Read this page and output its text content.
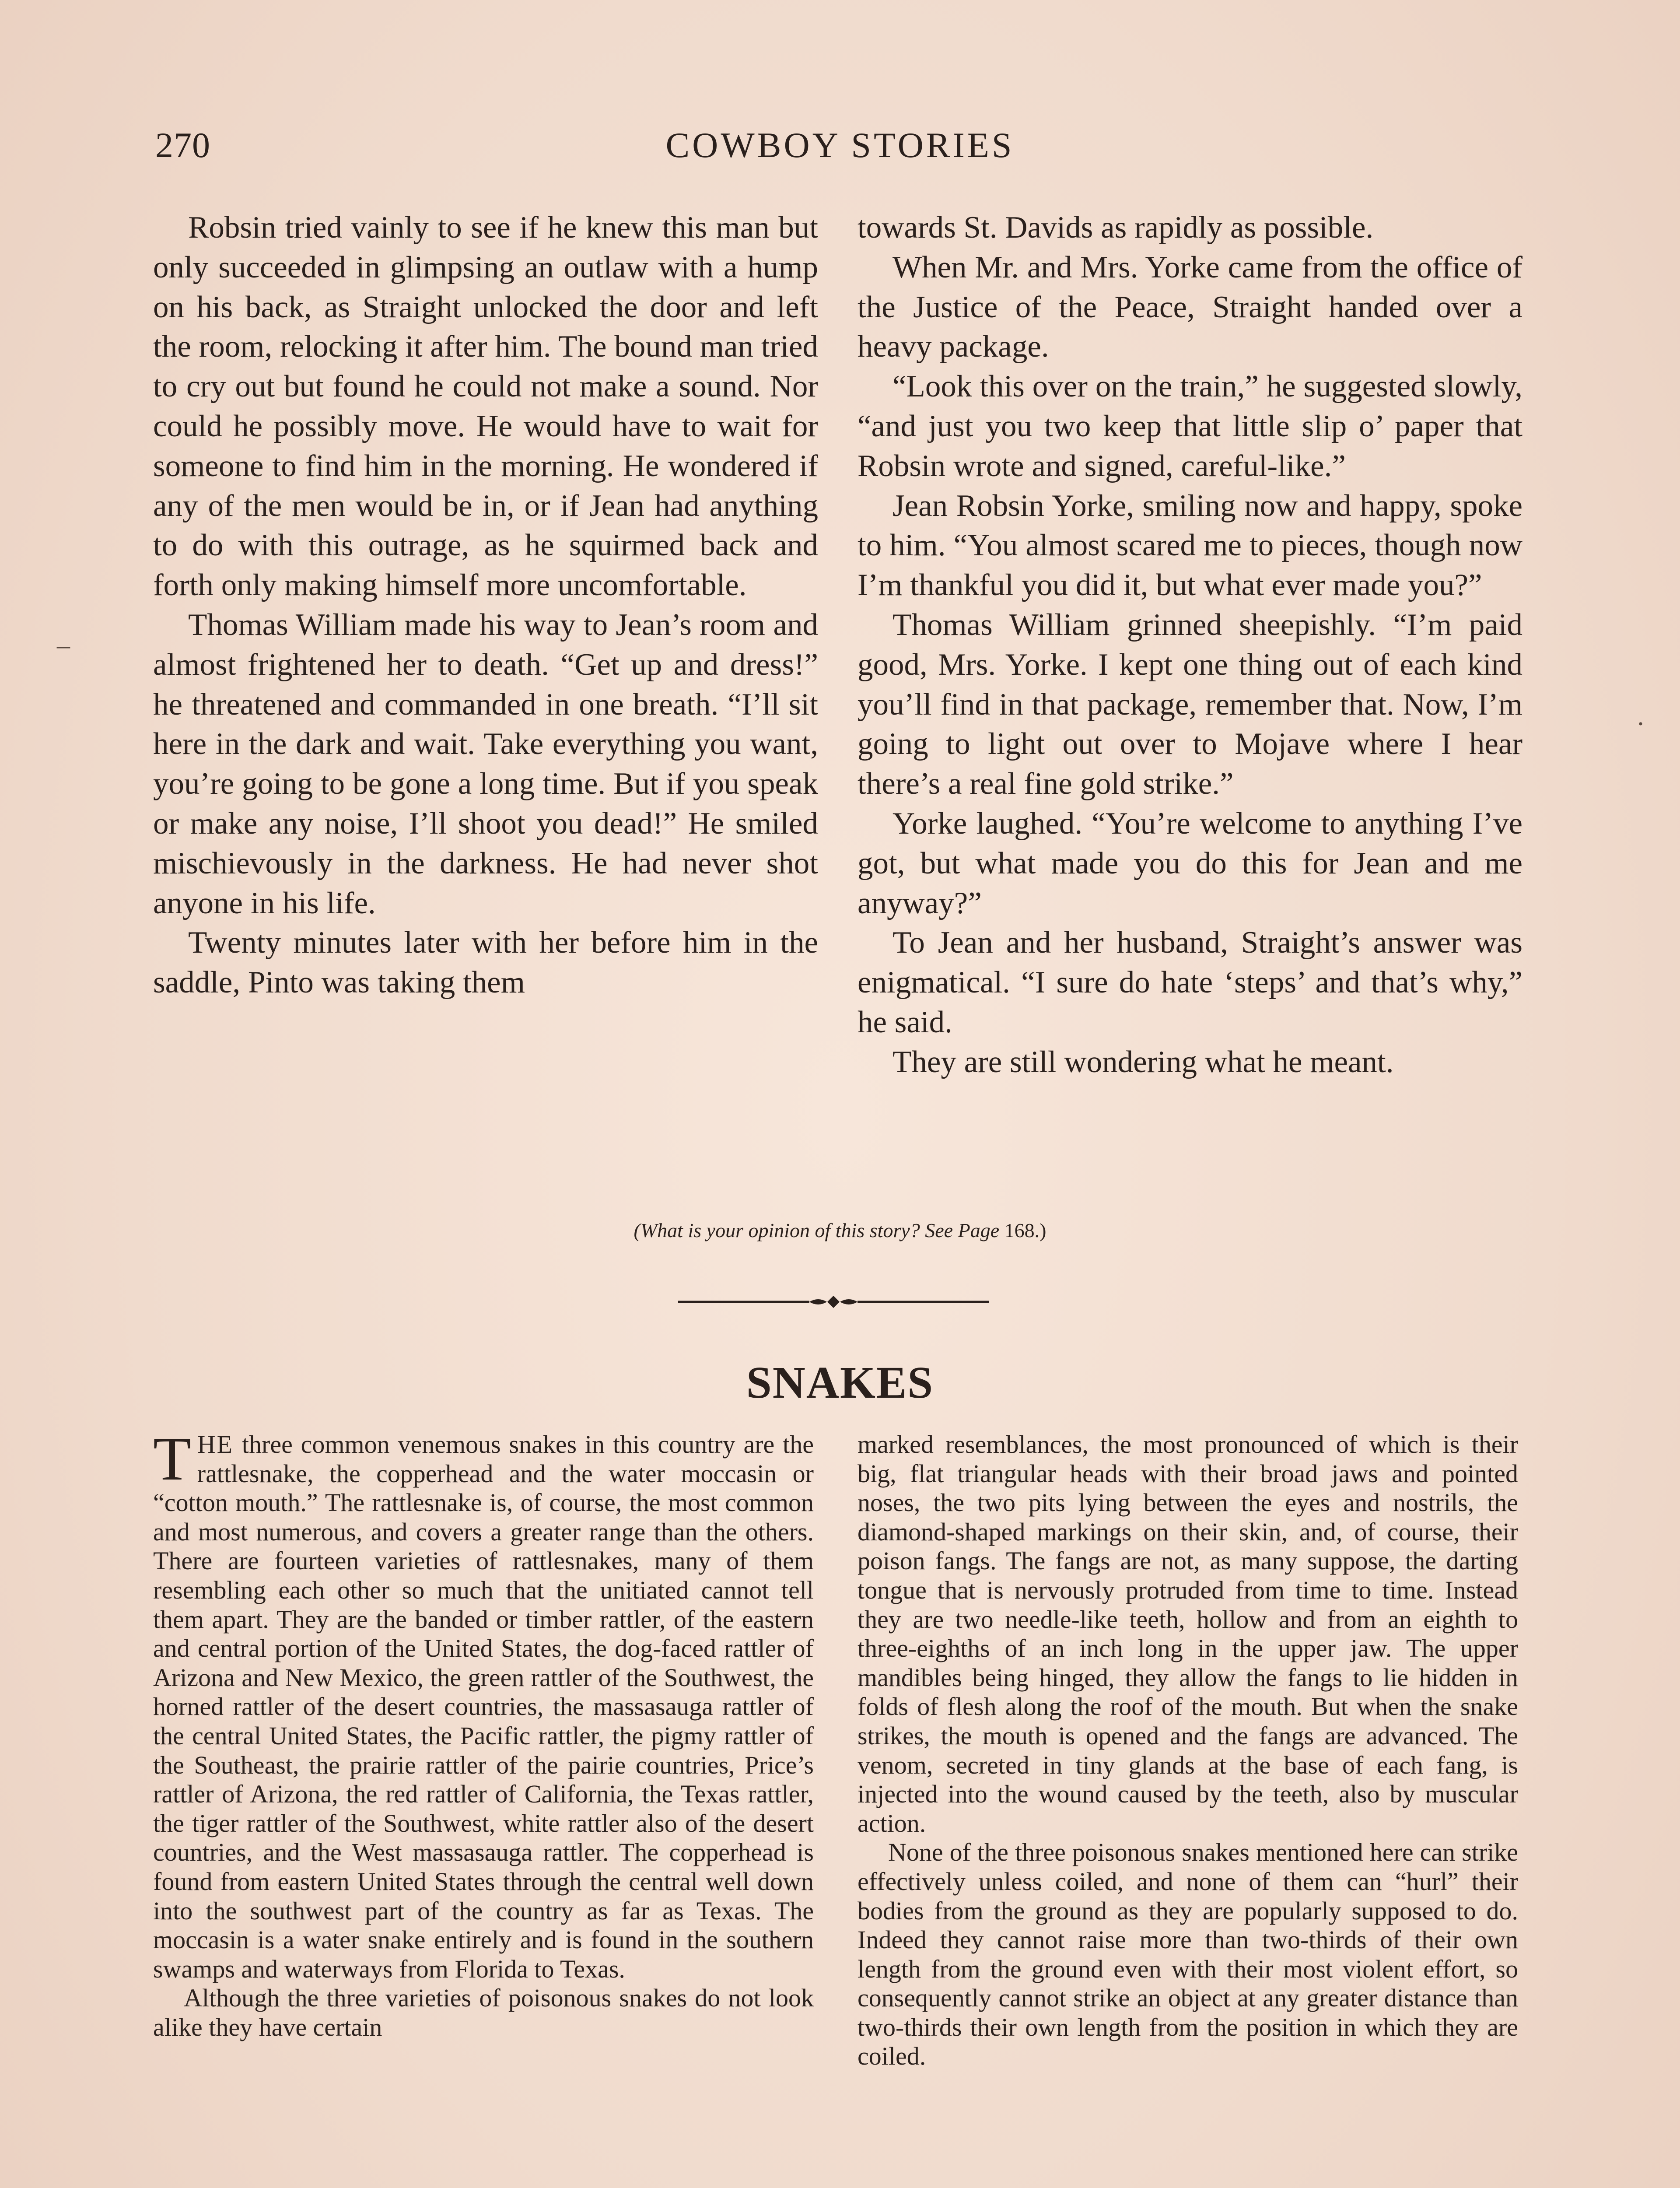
270	COWBOY STORIES

Robsin tried vainly to see if he knew this man but only succeeded in glimpsing an outlaw with a hump on his back, as Straight unlocked the door and left the room, relocking it after him. The bound man tried to cry out but found he could not make a sound. Nor could he possibly move. He would have to wait for someone to find him in the morning. He wondered if any of the men would be in, or if Jean had anything to do with this outrage, as he squirmed back and forth only making himself more uncomfortable.

Thomas William made his way to Jean’s room and almost frightened her to death. “Get up and dress!” he threatened and commanded in one breath. “I’ll sit here in the dark and wait. Take everything you want, you’re going to be gone a long time. But if you speak or make any noise, I’ll shoot you dead!” He smiled mischievously in the darkness. He had never shot anyone in his life.

Twenty minutes later with her before him in the saddle, Pinto was taking them

towards St. Davids as rapidly as possible.

When Mr. and Mrs. Yorke came from the office of the Justice of the Peace, Straight handed over a heavy package.

“Look this over on the train,” he suggested slowly, “and just you two keep that little slip o’ paper that Robsin wrote and signed, careful-like.”

Jean Robsin Yorke, smiling now and happy, spoke to him. “You almost scared me to pieces, though now I’m thankful you did it, but what ever made you?”

Thomas William grinned sheepishly. “I’m paid good, Mrs. Yorke. I kept one thing out of each kind you’ll find in that package, remember that. Now, I’m going to light out over to Mojave where I hear there’s a real fine gold strike.”

Yorke laughed. “You’re welcome to anything I’ve got, but what made you do this for Jean and me anyway?”

To Jean and her husband, Straight’s answer was enigmatical. “I sure do hate ‘steps’ and that’s why,” he said.

They are still wondering what he meant.

(What is your opinion of this story? See Page 168.)
SNAKES

THE three common venemous snakes in this country are the rattlesnake, the copperhead and the water moccasin or “cotton mouth.” The rattlesnake is, of course, the most common and most numerous, and covers a greater range than the others. There are fourteen varieties of rattlesnakes, many of them resembling each other so much that the unitiated cannot tell them apart. They are the banded or timber rattler, of the eastern and central portion of the United States, the dog-faced rattler of Arizona and New Mexico, the green rattler of the Southwest, the horned rattler of the desert countries, the massasauga rattler of the central United States, the Pacific rattler, the pigmy rattler of the Southeast, the prairie rattler of the pairie countries, Price’s rattler of Arizona, the red rattler of California, the Texas rattler, the tiger rattler of the Southwest, white rattler also of the desert countries, and the West massasauga rattler. The copperhead is found from eastern United States through the central well down into the southwest part of the country as far as Texas. The moccasin is a water snake entirely and is found in the southern swamps and waterways from Florida to Texas.

Although the three varieties of poisonous snakes do not look alike they have certain

marked resemblances, the most pronounced of which is their big, flat triangular heads with their broad jaws and pointed noses, the two pits lying between the eyes and nostrils, the diamond-shaped markings on their skin, and, of course, their poison fangs. The fangs are not, as many suppose, the darting tongue that is nervously protruded from time to time. Instead they are two needle-like teeth, hollow and from an eighth to three-eighths of an inch long in the upper jaw. The upper mandibles being hinged, they allow the fangs to lie hidden in folds of flesh along the roof of the mouth. But when the snake strikes, the mouth is opened and the fangs are advanced. The venom, secreted in tiny glands at the base of each fang, is injected into the wound caused by the teeth, also by muscular action.

None of the three poisonous snakes mentioned here can strike effectively unless coiled, and none of them can “hurl” their bodies from the ground as they are popularly supposed to do. Indeed they cannot raise more than two-thirds of their own length from the ground even with their most violent effort, so consequently cannot strike an object at any greater distance than two-thirds their own length from the position in which they are coiled.

–
·
